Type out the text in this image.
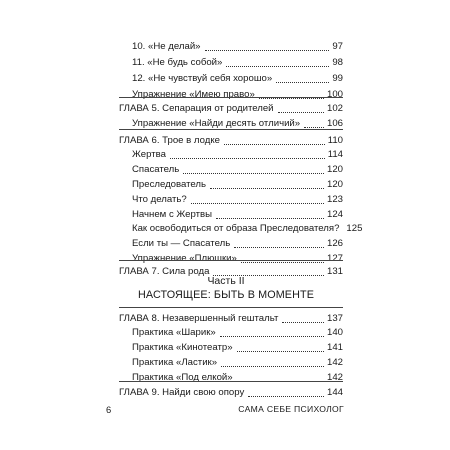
Часть II
НАСТОЯЩЕЕ: БЫТЬ В МОМЕНТЕ
6	САМА СЕБЕ ПСИХОЛОГ
10. «Не делай»	97
11. «Не будь собой»	98
12. «Не чувствуй себя хорошо»	99
Упражнение «Имею право»	100
ГЛАВА 5. Сепарация от родителей	102
Упражнение «Найди десять отличий»	106
ГЛАВА 6. Трое в лодке	110
Жертва	114
Спасатель	120
Преследователь	120
Что делать?	123
Начнем с Жертвы	124
Как освободиться от образа Преследователя? 125
Если ты — Спасатель	126
Упражнение «Плюшки»	127
ГЛАВА 7. Сила рода	131
ГЛАВА 8. Незавершенный гештальт	137
Практика «Шарик»	140
Практика «Кинотеатр»	141
Практика «Ластик»	142
Практика «Под елкой»	142
ГЛАВА 9. Найди свою опору	144
